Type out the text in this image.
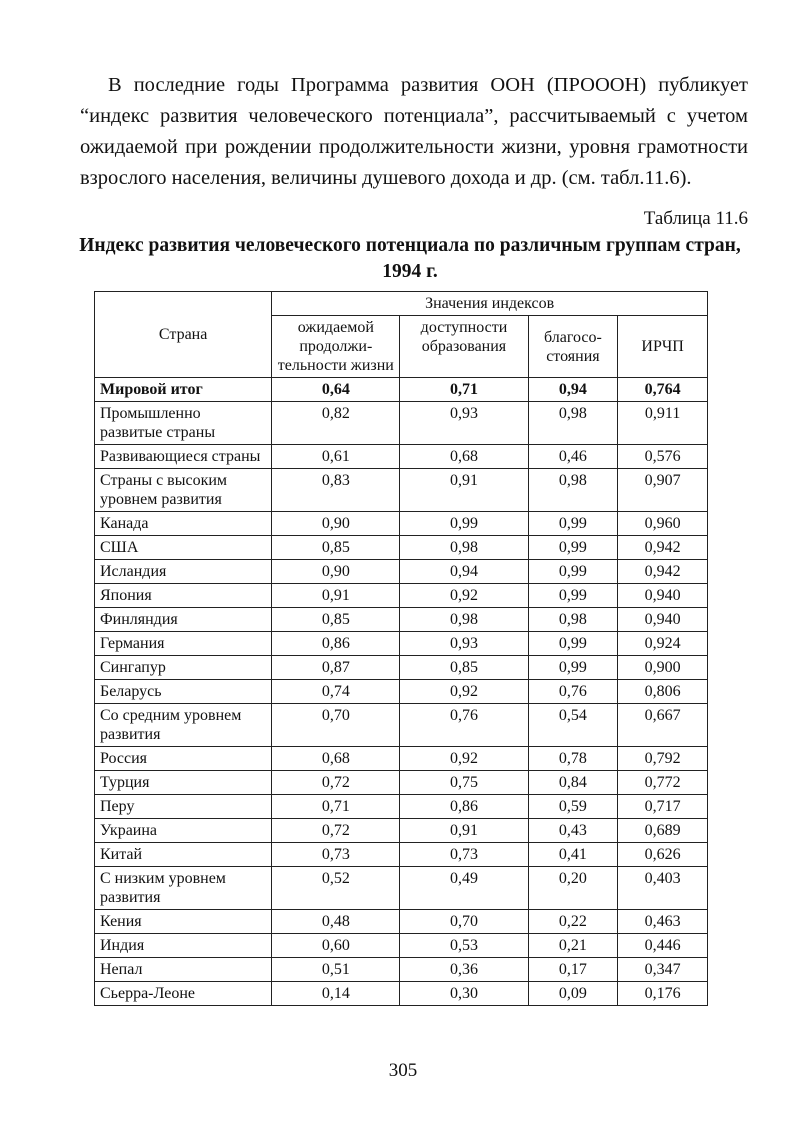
В последние годы Программа развития ООН (ПРОООН) публикует “индекс развития человеческого потенциала”, рассчитываемый с учетом ожидаемой при рождении продолжительности жизни, уровня грамотности взрослого населения, величины душевого дохода и др. (см. табл.11.6).

Таблица 11.6
Индекс развития человеческого потенциала по различным группам стран, 1994 г.
Страна	Значения индексов			
	ожидаемой продолжи-тельности жизни	доступности образования	благосо-стояния	ИРЧП
Мировой итог	0,64	0,71	0,94	0,764
Промышленно развитые страны	0,82	0,93	0,98	0,911
Развивающиеся страны	0,61	0,68	0,46	0,576
Страны с высоким уровнем развития	0,83	0,91	0,98	0,907
Канада	0,90	0,99	0,99	0,960
США	0,85	0,98	0,99	0,942
Исландия	0,90	0,94	0,99	0,942
Япония	0,91	0,92	0,99	0,940
Финляндия	0,85	0,98	0,98	0,940
Германия	0,86	0,93	0,99	0,924
Сингапур	0,87	0,85	0,99	0,900
Беларусь	0,74	0,92	0,76	0,806
Со средним уровнем развития	0,70	0,76	0,54	0,667
Россия	0,68	0,92	0,78	0,792
Турция	0,72	0,75	0,84	0,772
Перу	0,71	0,86	0,59	0,717
Украина	0,72	0,91	0,43	0,689
Китай	0,73	0,73	0,41	0,626
С низким уровнем развития	0,52	0,49	0,20	0,403
Кения	0,48	0,70	0,22	0,463
Индия	0,60	0,53	0,21	0,446
Непал	0,51	0,36	0,17	0,347
Сьерра-Леоне	0,14	0,30	0,09	0,176
305
